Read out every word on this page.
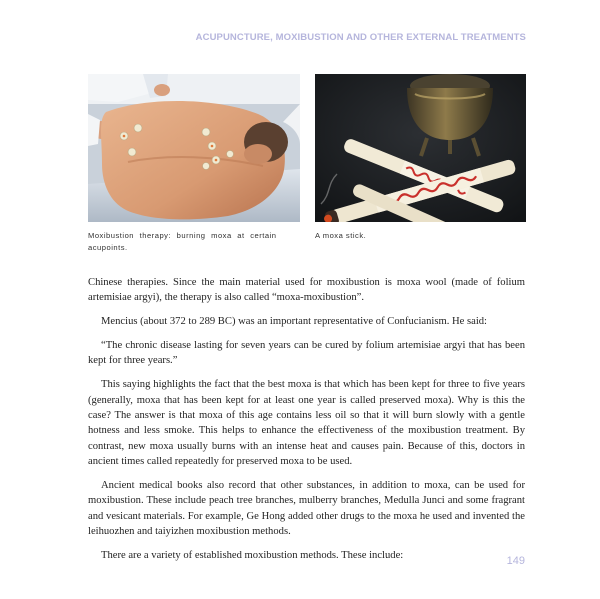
ACUPUNCTURE, MOXIBUSTION AND OTHER EXTERNAL TREATMENTS
Moxibustion therapy: burning moxa at certain acupoints.
A moxa stick.

Chinese therapies. Since the main material used for moxibustion is moxa wool (made of folium artemisiae argyi), the therapy is also called “moxa-moxibustion”.

Mencius (about 372 to 289 BC) was an important representative of Confucianism. He said:

“The chronic disease lasting for seven years can be cured by folium artemisiae argyi that has been kept for three years.”

This saying highlights the fact that the best moxa is that which has been kept for three to five years (generally, moxa that has been kept for at least one year is called preserved moxa). Why is this the case? The answer is that moxa of this age contains less oil so that it will burn slowly with a gentle hotness and less smoke. This helps to enhance the effectiveness of the moxibustion treatment. By contrast, new moxa usually burns with an intense heat and causes pain. Because of this, doctors in ancient times called repeatedly for preserved moxa to be used.

Ancient medical books also record that other substances, in addition to moxa, can be used for moxibustion. These include peach tree branches, mulberry branches, Medulla Junci and some fragrant and vesicant materials. For example, Ge Hong added other drugs to the moxa he used and invented the leihuozhen and taiyizhen moxibustion methods.

There are a variety of established moxibustion methods. These include:	149
